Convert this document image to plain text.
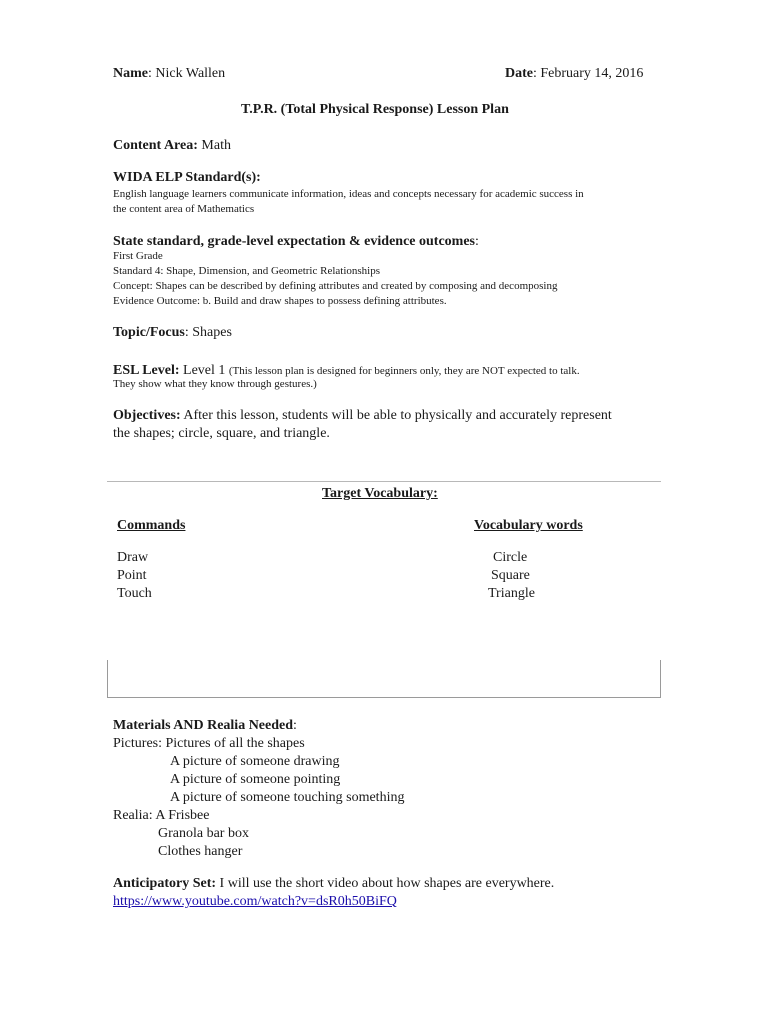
Name: Nick Wallen	Date: February 14, 2016
T.P.R. (Total Physical Response) Lesson Plan
Content Area: Math
WIDA ELP Standard(s):
English language learners communicate information, ideas and concepts necessary for academic success in
the content area of Mathematics
State standard, grade-level expectation & evidence outcomes:
First Grade
Standard 4: Shape, Dimension, and Geometric Relationships
Concept: Shapes can be described by defining attributes and created by composing and decomposing
Evidence Outcome: b. Build and draw shapes to possess defining attributes.
Topic/Focus: Shapes
ESL Level: Level 1 (This lesson plan is designed for beginners only, they are NOT expected to talk.
They show what they know through gestures.)
Objectives: After this lesson, students will be able to physically and accurately represent
the shapes; circle, square, and triangle.
Target Vocabulary:
Commands	Vocabulary words
Draw
Point
Touch
Circle
Square
Triangle
Materials AND Realia Needed:
Pictures: Pictures of all the shapes
A picture of someone drawing
A picture of someone pointing
A picture of someone touching something
Realia: A Frisbee
Granola bar box
Clothes hanger
Anticipatory Set: I will use the short video about how shapes are everywhere.
https://www.youtube.com/watch?v=dsR0h50BiFQ
